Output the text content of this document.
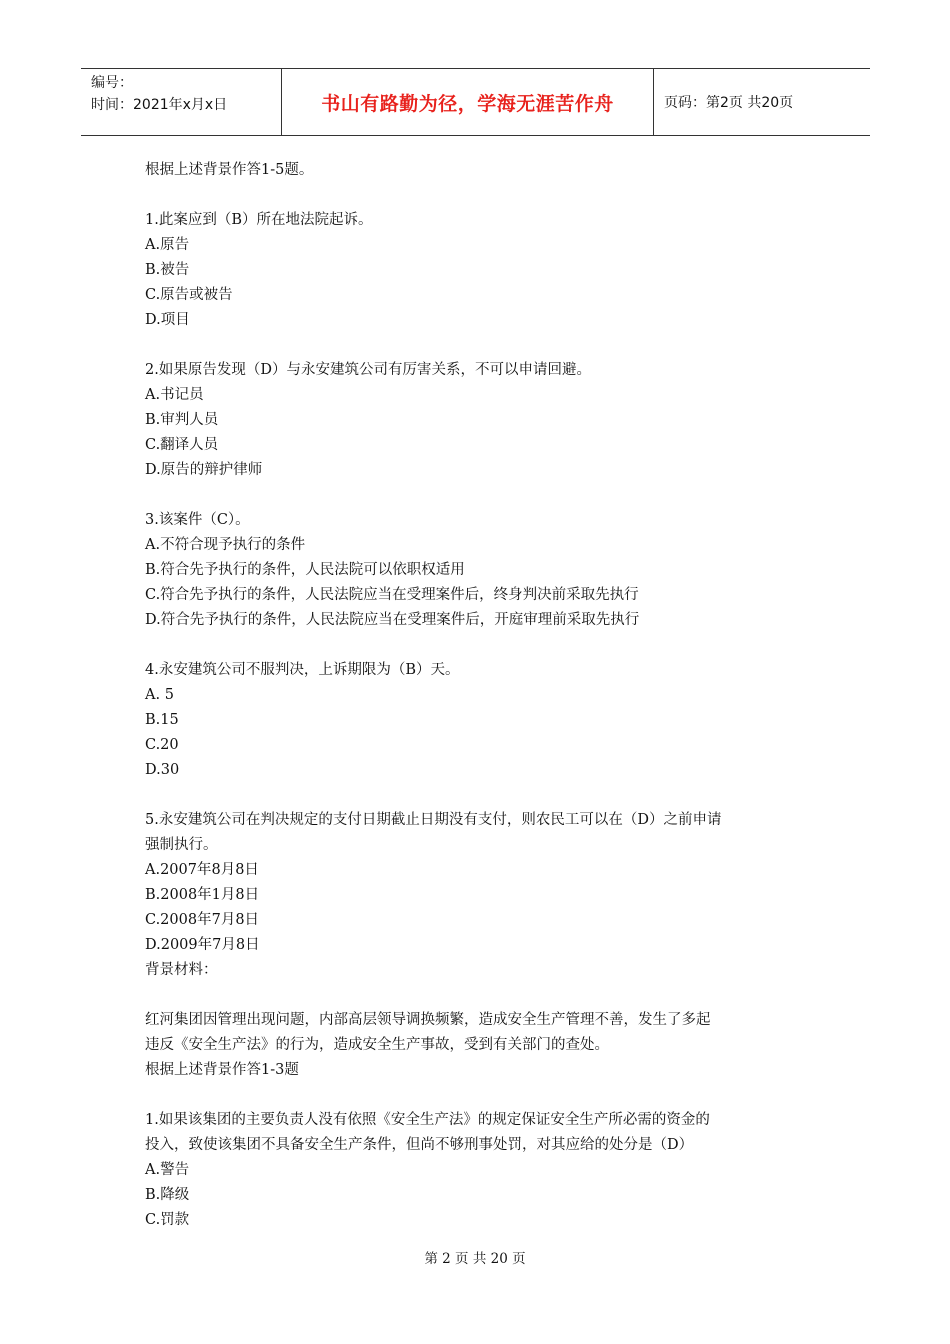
编号：
时间：2021年x月x日	书山有路勤为径，学海无涯苦作舟	页码：第2页 共20页

根据上述背景作答1-5题。

1.此案应到（B）所在地法院起诉。

A.原告

B.被告

C.原告或被告

D.项目

2.如果原告发现（D）与永安建筑公司有厉害关系，不可以申请回避。

A.书记员

B.审判人员

C.翻译人员

D.原告的辩护律师

3.该案件（C）。

A.不符合现予执行的条件

B.符合先予执行的条件，人民法院可以依职权适用

C.符合先予执行的条件，人民法院应当在受理案件后，终身判决前采取先执行

D.符合先予执行的条件，人民法院应当在受理案件后，开庭审理前采取先执行

4.永安建筑公司不服判决，上诉期限为（B）天。

A. 5

B.15

C.20

D.30

5.永安建筑公司在判决规定的支付日期截止日期没有支付，则农民工可以在（D）之前申请

强制执行。

A.2007年8月8日

B.2008年1月8日

C.2008年7月8日

D.2009年7月8日

背景材料：

红河集团因管理出现问题，内部高层领导调换频繁，造成安全生产管理不善，发生了多起

违反《安全生产法》的行为，造成安全生产事故，受到有关部门的查处。

根据上述背景作答1-3题

1.如果该集团的主要负责人没有依照《安全生产法》的规定保证安全生产所必需的资金的

投入，致使该集团不具备安全生产条件，但尚不够刑事处罚，对其应给的处分是（D）

A.警告

B.降级

C.罚款

第 2 页 共 20 页
